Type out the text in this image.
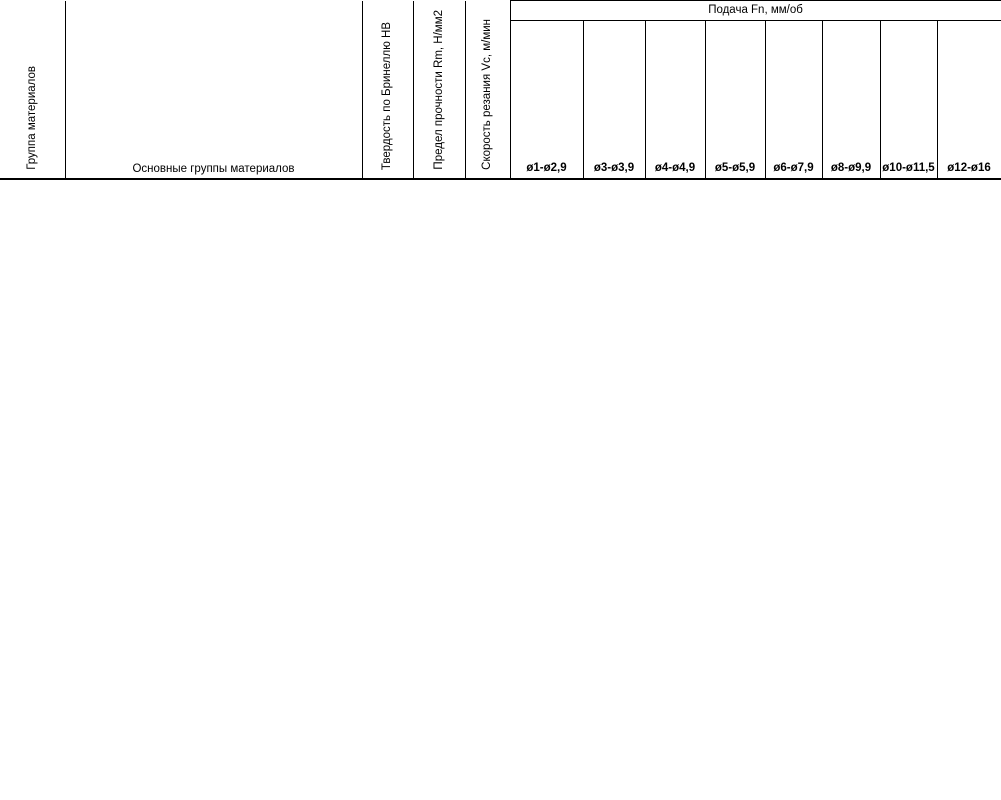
Группа материалов	Основные группы материалов	Твердость по Бринеллю НВ	Предел прочности Rm, Н/мм2	Скорость резания Vc, м/мин	Подача Fn, мм/об							
					ø1-ø2,9	ø3-ø3,9	ø4-ø4,9	ø5-ø5,9	ø6-ø7,9	ø8-ø9,9	ø10-ø11,5	ø12-ø16
